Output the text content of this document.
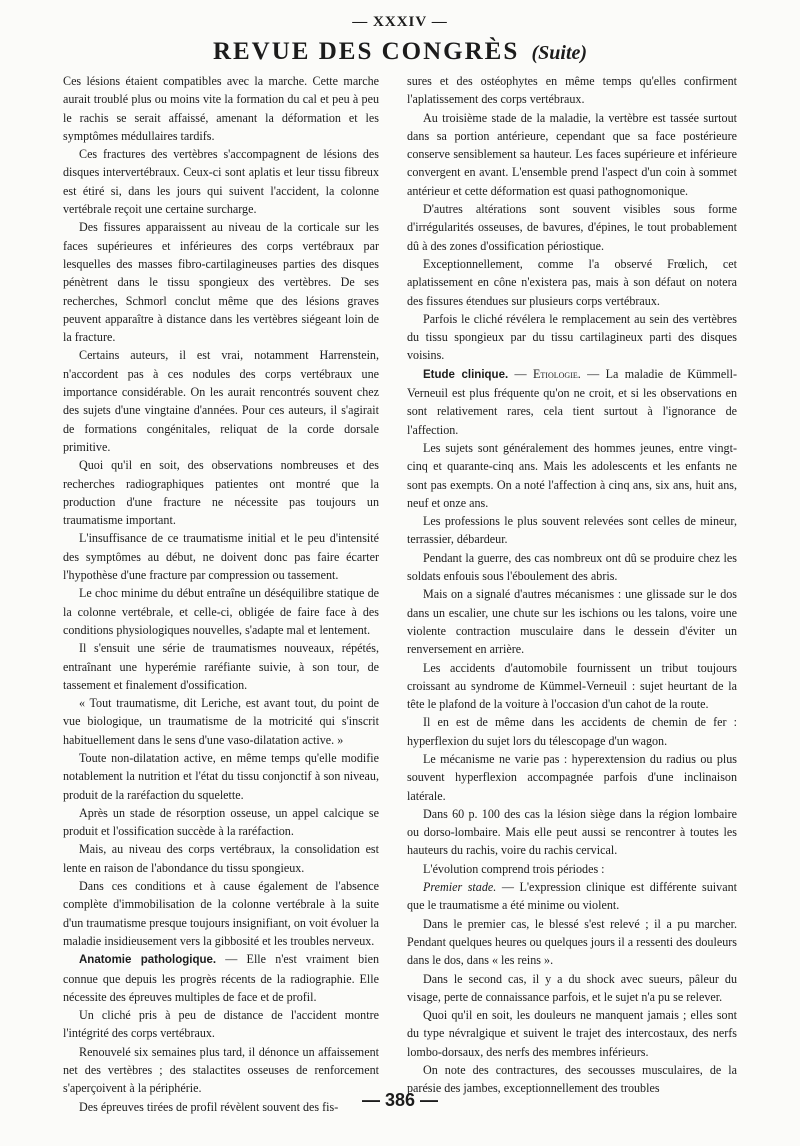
— XXXIV —
REVUE DES CONGRÈS (Suite)

Ces lésions étaient compatibles avec la marche. Cette marche aurait troublé plus ou moins vite la formation du cal et peu à peu le rachis se serait affaissé, amenant la déformation et les symptômes médullaires tardifs.

Ces fractures des vertèbres s'accompagnent de lésions des disques intervertébraux. Ceux-ci sont aplatis et leur tissu fibreux est étiré si, dans les jours qui suivent l'accident, la colonne vertébrale reçoit une certaine surcharge.

Des fissures apparaissent au niveau de la corticale sur les faces supérieures et inférieures des corps vertébraux par lesquelles des masses fibro-cartilagineuses parties des disques pénètrent dans le tissu spongieux des vertèbres. De ses recherches, Schmorl conclut même que des lésions graves peuvent apparaître à distance dans les vertèbres siégeant loin de la fracture.

Certains auteurs, il est vrai, notamment Harrenstein, n'accordent pas à ces nodules des corps vertébraux une importance considérable. On les aurait rencontrés souvent chez des sujets d'une vingtaine d'années. Pour ces auteurs, il s'agirait de formations congénitales, reliquat de la corde dorsale primitive.

Quoi qu'il en soit, des observations nombreuses et des recherches radiographiques patientes ont montré que la production d'une fracture ne nécessite pas toujours un traumatisme important.

L'insuffisance de ce traumatisme initial et le peu d'intensité des symptômes au début, ne doivent donc pas faire écarter l'hypothèse d'une fracture par compression ou tassement.

Le choc minime du début entraîne un déséquilibre statique de la colonne vertébrale, et celle-ci, obligée de faire face à des conditions physiologiques nouvelles, s'adapte mal et lentement.

Il s'ensuit une série de traumatismes nouveaux, répétés, entraînant une hyperémie raréfiante suivie, à son tour, de tassement et finalement d'ossification.

« Tout traumatisme, dit Leriche, est avant tout, du point de vue biologique, un traumatisme de la motricité qui s'inscrit habituellement dans le sens d'une vaso-dilatation active. »

Toute non-dilatation active, en même temps qu'elle modifie notablement la nutrition et l'état du tissu conjonctif à son niveau, produit de la raréfaction du squelette.

Après un stade de résorption osseuse, un appel calcique se produit et l'ossification succède à la raréfaction.

Mais, au niveau des corps vertébraux, la consolidation est lente en raison de l'abondance du tissu spongieux.

Dans ces conditions et à cause également de l'absence complète d'immobilisation de la colonne vertébrale à la suite d'un traumatisme presque toujours insignifiant, on voit évoluer la maladie insidieusement vers la gibbosité et les troubles nerveux.

Anatomie pathologique. — Elle n'est vraiment bien connue que depuis les progrès récents de la radiographie. Elle nécessite des épreuves multiples de face et de profil.

Un cliché pris à peu de distance de l'accident montre l'intégrité des corps vertébraux.

Renouvelé six semaines plus tard, il dénonce un affaissement net des vertèbres ; des stalactites osseuses de renforcement s'aperçoivent à la périphérie.

Des épreuves tirées de profil révèlent souvent des fis-

sures et des ostéophytes en même temps qu'elles confirment l'aplatissement des corps vertébraux.

Au troisième stade de la maladie, la vertèbre est tassée surtout dans sa portion antérieure, cependant que sa face postérieure conserve sensiblement sa hauteur. Les faces supérieure et inférieure convergent en avant. L'ensemble prend l'aspect d'un coin à sommet antérieur et cette déformation est quasi pathognomonique.

D'autres altérations sont souvent visibles sous forme d'irrégularités osseuses, de bavures, d'épines, le tout probablement dû à des zones d'ossification périostique.

Exceptionnellement, comme l'a observé Frœlich, cet aplatissement en cône n'existera pas, mais à son défaut on notera des fissures étendues sur plusieurs corps vertébraux.

Parfois le cliché révélera le remplacement au sein des vertèbres du tissu spongieux par du tissu cartilagineux parti des disques voisins.

Etude clinique. — Etiologie. — La maladie de Kümmell-Verneuil est plus fréquente qu'on ne croit, et si les observations en sont relativement rares, cela tient surtout à l'ignorance de l'affection.

Les sujets sont généralement des hommes jeunes, entre vingt-cinq et quarante-cinq ans. Mais les adolescents et les enfants ne sont pas exempts. On a noté l'affection à cinq ans, six ans, huit ans, neuf et onze ans.

Les professions le plus souvent relevées sont celles de mineur, terrassier, débardeur.

Pendant la guerre, des cas nombreux ont dû se produire chez les soldats enfouis sous l'éboulement des abris.

Mais on a signalé d'autres mécanismes : une glissade sur le dos dans un escalier, une chute sur les ischions ou les talons, voire une violente contraction musculaire dans le dessein d'éviter un renversement en arrière.

Les accidents d'automobile fournissent un tribut toujours croissant au syndrome de Kümmel-Verneuil : sujet heurtant de la tête le plafond de la voiture à l'occasion d'un cahot de la route.

Il en est de même dans les accidents de chemin de fer : hyperflexion du sujet lors du télescopage d'un wagon.

Le mécanisme ne varie pas : hyperextension du radius ou plus souvent hyperflexion accompagnée parfois d'une inclinaison latérale.

Dans 60 p. 100 des cas la lésion siège dans la région lombaire ou dorso-lombaire. Mais elle peut aussi se rencontrer à toutes les hauteurs du rachis, voire du rachis cervical.

L'évolution comprend trois périodes :

Premier stade. — L'expression clinique est différente suivant que le traumatisme a été minime ou violent.

Dans le premier cas, le blessé s'est relevé ; il a pu marcher. Pendant quelques heures ou quelques jours il a ressenti des douleurs dans le dos, dans « les reins ».

Dans le second cas, il y a du shock avec sueurs, pâleur du visage, perte de connaissance parfois, et le sujet n'a pu se relever.

Quoi qu'il en soit, les douleurs ne manquent jamais ; elles sont du type névralgique et suivent le trajet des intercostaux, des nerfs lombo-dorsaux, des nerfs des membres inférieurs.

On note des contractures, des secousses musculaires, de la parésie des jambes, exceptionnellement des troubles

— 386 —
